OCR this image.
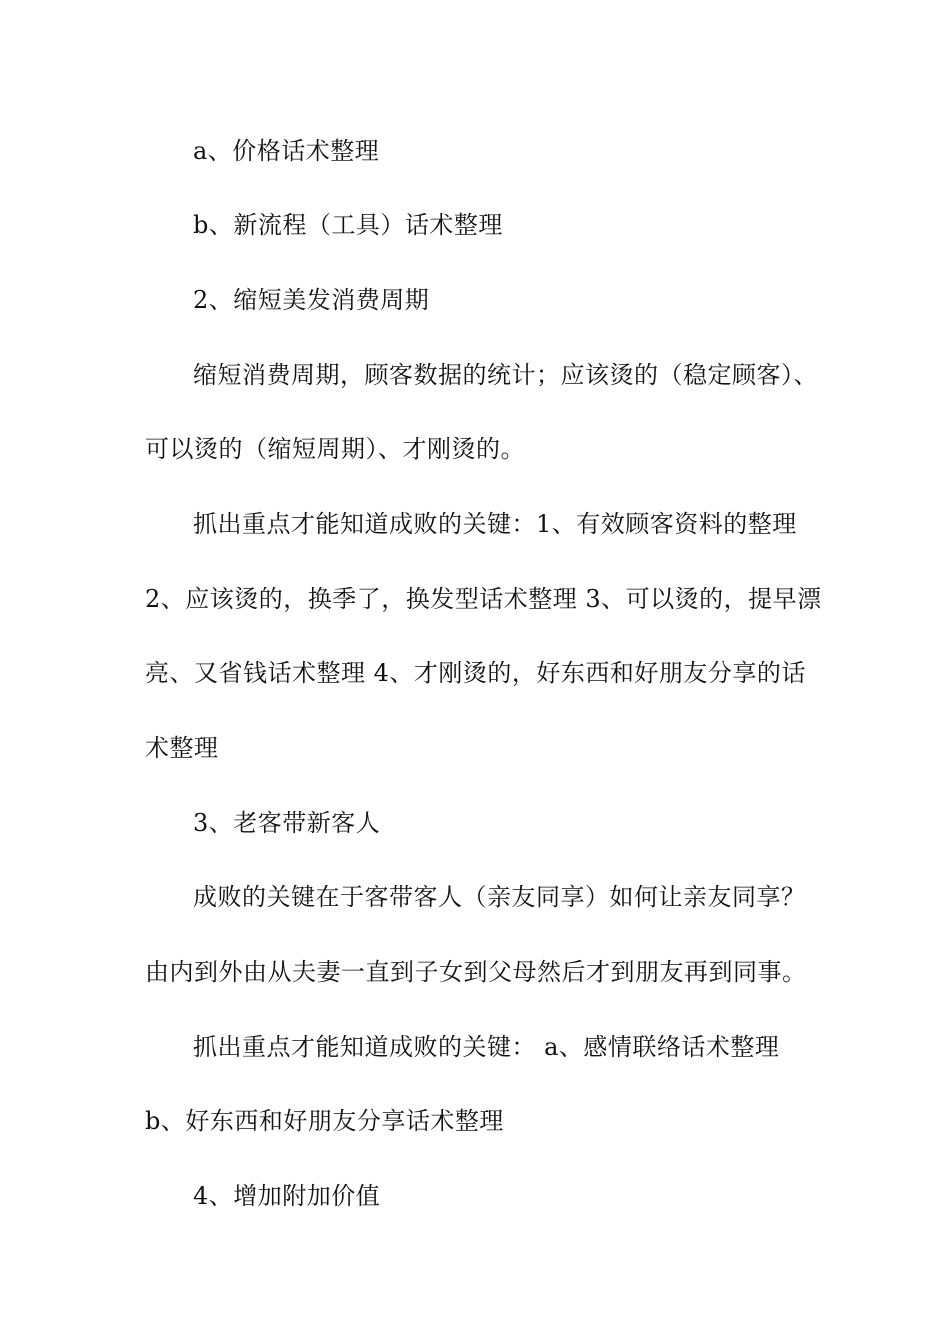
a、价格话术整理
b、新流程（工具）话术整理
2、缩短美发消费周期
缩短消费周期，顾客数据的统计；应该烫的（稳定顾客）、
可以烫的（缩短周期）、才刚烫的。
抓出重点才能知道成败的关键：1、有效顾客资料的整理
2、应该烫的，换季了，换发型话术整理 3、可以烫的，提早漂
亮、又省钱话术整理 4、才刚烫的，好东西和好朋友分享的话
术整理
3、老客带新客人
成败的关键在于客带客人（亲友同享）如何让亲友同享？
由内到外由从夫妻一直到子女到父母然后才到朋友再到同事。
抓出重点才能知道成败的关键： a、感情联络话术整理
b、好东西和好朋友分享话术整理
4、增加附加价值
